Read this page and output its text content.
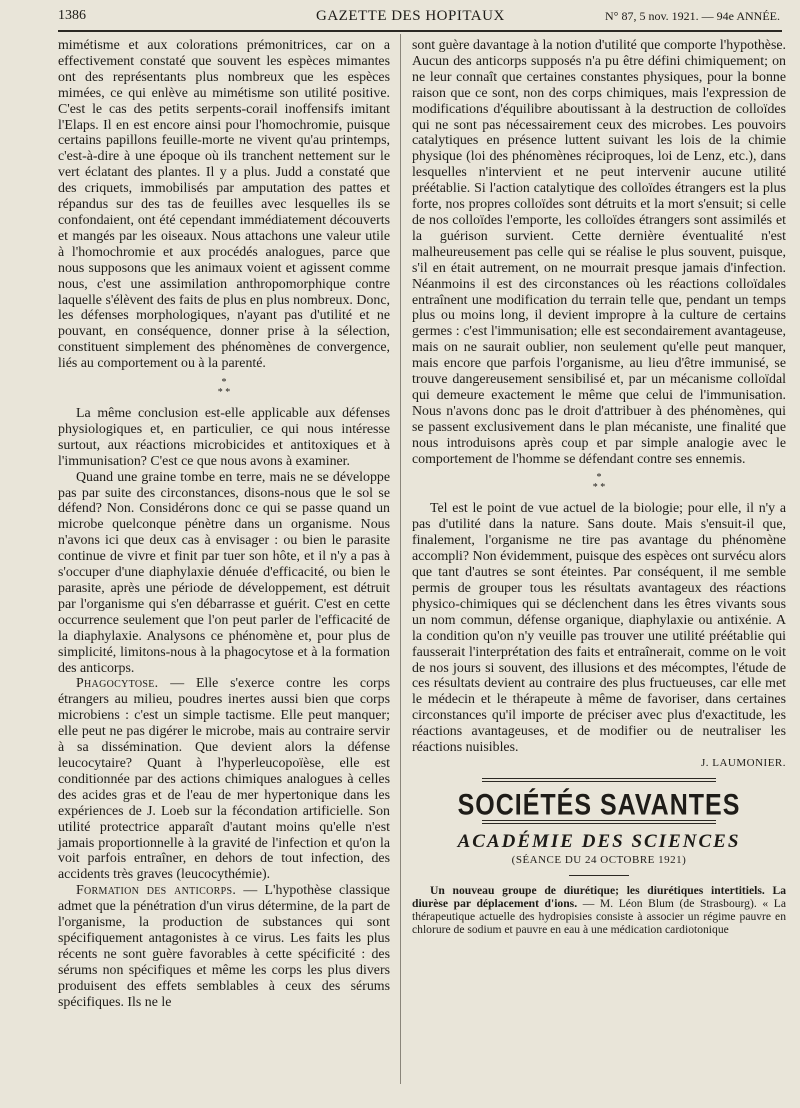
1386	GAZETTE DES HOPITAUX	N° 87, 5 nov. 1921. — 94e ANNÉE.

mimétisme et aux colorations prémonitrices, car on a effectivement constaté que souvent les espèces mimantes ont des représentants plus nombreux que les espèces mimées, ce qui enlève au mimétisme son utilité positive. C'est le cas des petits serpents-corail inoffensifs imitant l'Elaps. Il en est encore ainsi pour l'homochromie, puisque certains papillons feuille-morte ne vivent qu'au printemps, c'est-à-dire à une époque où ils tranchent nettement sur le vert éclatant des plantes. Il y a plus. Judd a constaté que des criquets, immobilisés par amputation des pattes et répandus sur des tas de feuilles avec lesquelles ils se confondaient, ont été cependant immédiatement découverts et mangés par les oiseaux. Nous attachons une valeur utile à l'homochromie et aux procédés analogues, parce que nous supposons que les animaux voient et agissent comme nous, c'est une assimilation anthropomorphique contre laquelle s'élèvent des faits de plus en plus nombreux. Donc, les défenses morphologiques, n'ayant pas d'utilité et ne pouvant, en conséquence, donner prise à la sélection, constituent simplement des phénomènes de convergence, liés au comportement ou à la parenté.

*
* *

La même conclusion est-elle applicable aux défenses physiologiques et, en particulier, ce qui nous intéresse surtout, aux réactions microbicides et antitoxiques et à l'immunisation? C'est ce que nous avons à examiner.

Quand une graine tombe en terre, mais ne se développe pas par suite des circonstances, disons-nous que le sol se défend? Non. Considérons donc ce qui se passe quand un microbe quelconque pénètre dans un organisme. Nous n'avons ici que deux cas à envisager : ou bien le parasite continue de vivre et finit par tuer son hôte, et il n'y a pas à s'occuper d'une diaphylaxie dénuée d'efficacité, ou bien le parasite, après une période de développement, est détruit par l'organisme qui s'en débarrasse et guérit. C'est en cette occurrence seulement que l'on peut parler de l'efficacité de la diaphylaxie. Analysons ce phénomène et, pour plus de simplicité, limitons-nous à la phagocytose et à la formation des anticorps.

Phagocytose. — Elle s'exerce contre les corps étrangers au milieu, poudres inertes aussi bien que corps microbiens : c'est un simple tactisme. Elle peut manquer; elle peut ne pas digérer le microbe, mais au contraire servir à sa dissémination. Que devient alors la défense leucocytaire? Quant à l'hyperleucopoïèse, elle est conditionnée par des actions chimiques analogues à celles des acides gras et de l'eau de mer hypertonique dans les expériences de J. Loeb sur la fécondation artificielle. Son utilité protectrice apparaît d'autant moins qu'elle n'est jamais proportionnelle à la gravité de l'infection et qu'on la voit parfois entraîner, en dehors de tout infection, des accidents très graves (leucocythémie).

Formation des anticorps. — L'hypothèse classique admet que la pénétration d'un virus détermine, de la part de l'organisme, la production de substances qui sont spécifiquement antagonistes à ce virus. Les faits les plus récents ne sont guère favorables à cette spécificité : des sérums non spécifiques et même les corps les plus divers produisent des effets semblables à ceux des sérums spécifiques. Ils ne le

sont guère davantage à la notion d'utilité que comporte l'hypothèse. Aucun des anticorps supposés n'a pu être défini chimiquement; on ne leur connaît que certaines constantes physiques, pour la bonne raison que ce sont, non des corps chimiques, mais l'expression de modifications d'équilibre aboutissant à la destruction de colloïdes qui ne sont pas nécessairement ceux des microbes. Les pouvoirs catalytiques en présence luttent suivant les lois de la chimie physique (loi des phénomènes réciproques, loi de Lenz, etc.), dans lesquelles n'intervient et ne peut intervenir aucune utilité préétablie. Si l'action catalytique des colloïdes étrangers est la plus forte, nos propres colloïdes sont détruits et la mort s'ensuit; si celle de nos colloïdes l'emporte, les colloïdes étrangers sont assimilés et la guérison survient. Cette dernière éventualité n'est malheureusement pas celle qui se réalise le plus souvent, puisque, s'il en était autrement, on ne mourrait presque jamais d'infection. Néanmoins il est des circonstances où les réactions colloïdales entraînent une modification du terrain telle que, pendant un temps plus ou moins long, il devient impropre à la culture de certains germes : c'est l'immunisation; elle est secondairement avantageuse, mais on ne saurait oublier, non seulement qu'elle peut manquer, mais encore que parfois l'organisme, au lieu d'être immunisé, se trouve dangereusement sensibilisé et, par un mécanisme colloïdal qui demeure exactement le même que celui de l'immunisation. Nous n'avons donc pas le droit d'attribuer à des phénomènes, qui se passent exclusivement dans le plan mécaniste, une finalité que nous introduisons après coup et par simple analogie avec le comportement de l'homme se défendant contre ses ennemis.

*
* *

Tel est le point de vue actuel de la biologie; pour elle, il n'y a pas d'utilité dans la nature. Sans doute. Mais s'ensuit-il que, finalement, l'organisme ne tire pas avantage du phénomène accompli? Non évidemment, puisque des espèces ont survécu alors que tant d'autres se sont éteintes. Par conséquent, il me semble permis de grouper tous les résultats avantageux des réactions physico-chimiques qui se déclenchent dans les êtres vivants sous un nom commun, défense organique, diaphylaxie ou antixénie. A la condition qu'on n'y veuille pas trouver une utilité préétablie qui fausserait l'interprétation des faits et entraînerait, comme on le voit de nos jours si souvent, des illusions et des mécomptes, l'étude de ces résultats devient au contraire des plus fructueuses, car elle met le médecin et le thérapeute à même de favoriser, dans certaines circonstances qu'il importe de préciser avec plus d'exactitude, les réactions avantageuses, et de modifier ou de neutraliser les réactions nuisibles.

J. LAUMONIER.

SOCIÉTÉS SAVANTES
ACADÉMIE DES SCIENCES
(SÉANCE DU 24 OCTOBRE 1921)

Un nouveau groupe de diurétique; les diurétiques intertitiels. La diurèse par déplacement d'ions. — M. Léon Blum (de Strasbourg). « La thérapeutique actuelle des hydropisies consiste à associer un régime pauvre en chlorure de sodium et pauvre en eau à une médication cardiotonique
